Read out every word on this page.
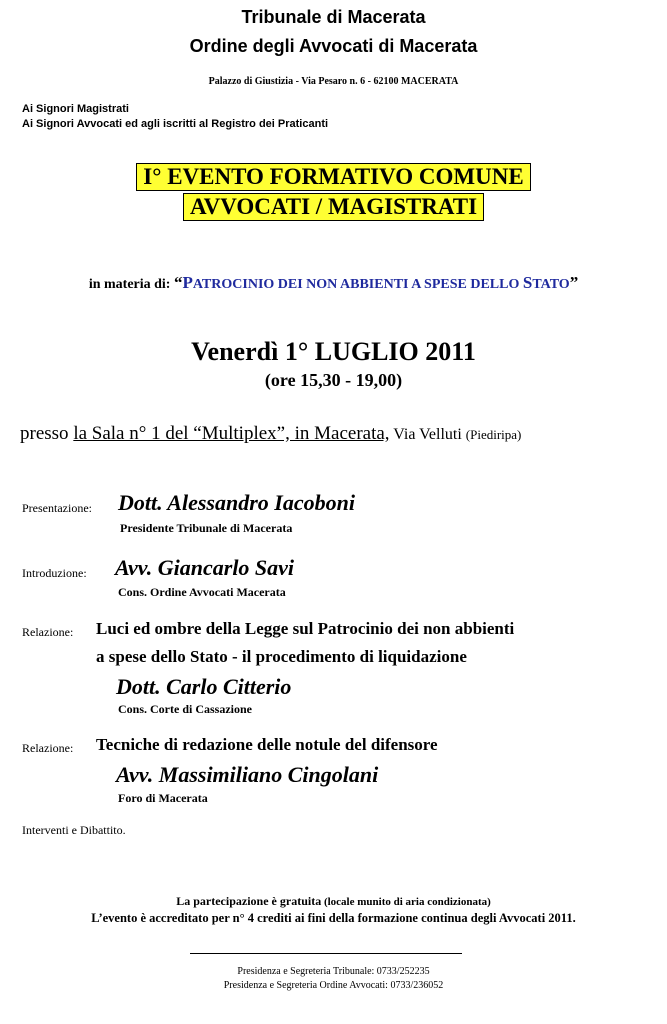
Tribunale di Macerata
Ordine degli Avvocati di Macerata
Palazzo di Giustizia - Via Pesaro n. 6 - 62100 MACERATA
Ai Signori Magistrati
Ai Signori Avvocati ed agli iscritti al Registro dei Praticanti
I° EVENTO FORMATIVO COMUNE
AVVOCATI / MAGISTRATI
in materia di: “PATROCINIO DEI NON ABBIENTI A SPESE DELLO STATO”
Venerdì 1° LUGLIO 2011
(ore 15,30 - 19,00)
presso la Sala n° 1 del “Multiplex”, in Macerata, Via Velluti (Piediripa)
Presentazione: Dott. Alessandro Iacoboni
Presidente Tribunale di Macerata
Introduzione: Avv. Giancarlo Savi
Cons. Ordine Avvocati Macerata
Relazione: Luci ed ombre della Legge sul Patrocinio dei non abbienti
a spese dello Stato - il procedimento di liquidazione
Dott. Carlo Citterio
Cons. Corte di Cassazione
Relazione: Tecniche di redazione delle notule del difensore
Avv. Massimiliano Cingolani
Foro di Macerata
Interventi e Dibattito.
La partecipazione è gratuita (locale munito di aria condizionata)
L’evento è accreditato per n° 4 crediti ai fini della formazione continua degli Avvocati 2011.
Presidenza e Segreteria Tribunale: 0733/252235
Presidenza e Segreteria Ordine Avvocati: 0733/236052
